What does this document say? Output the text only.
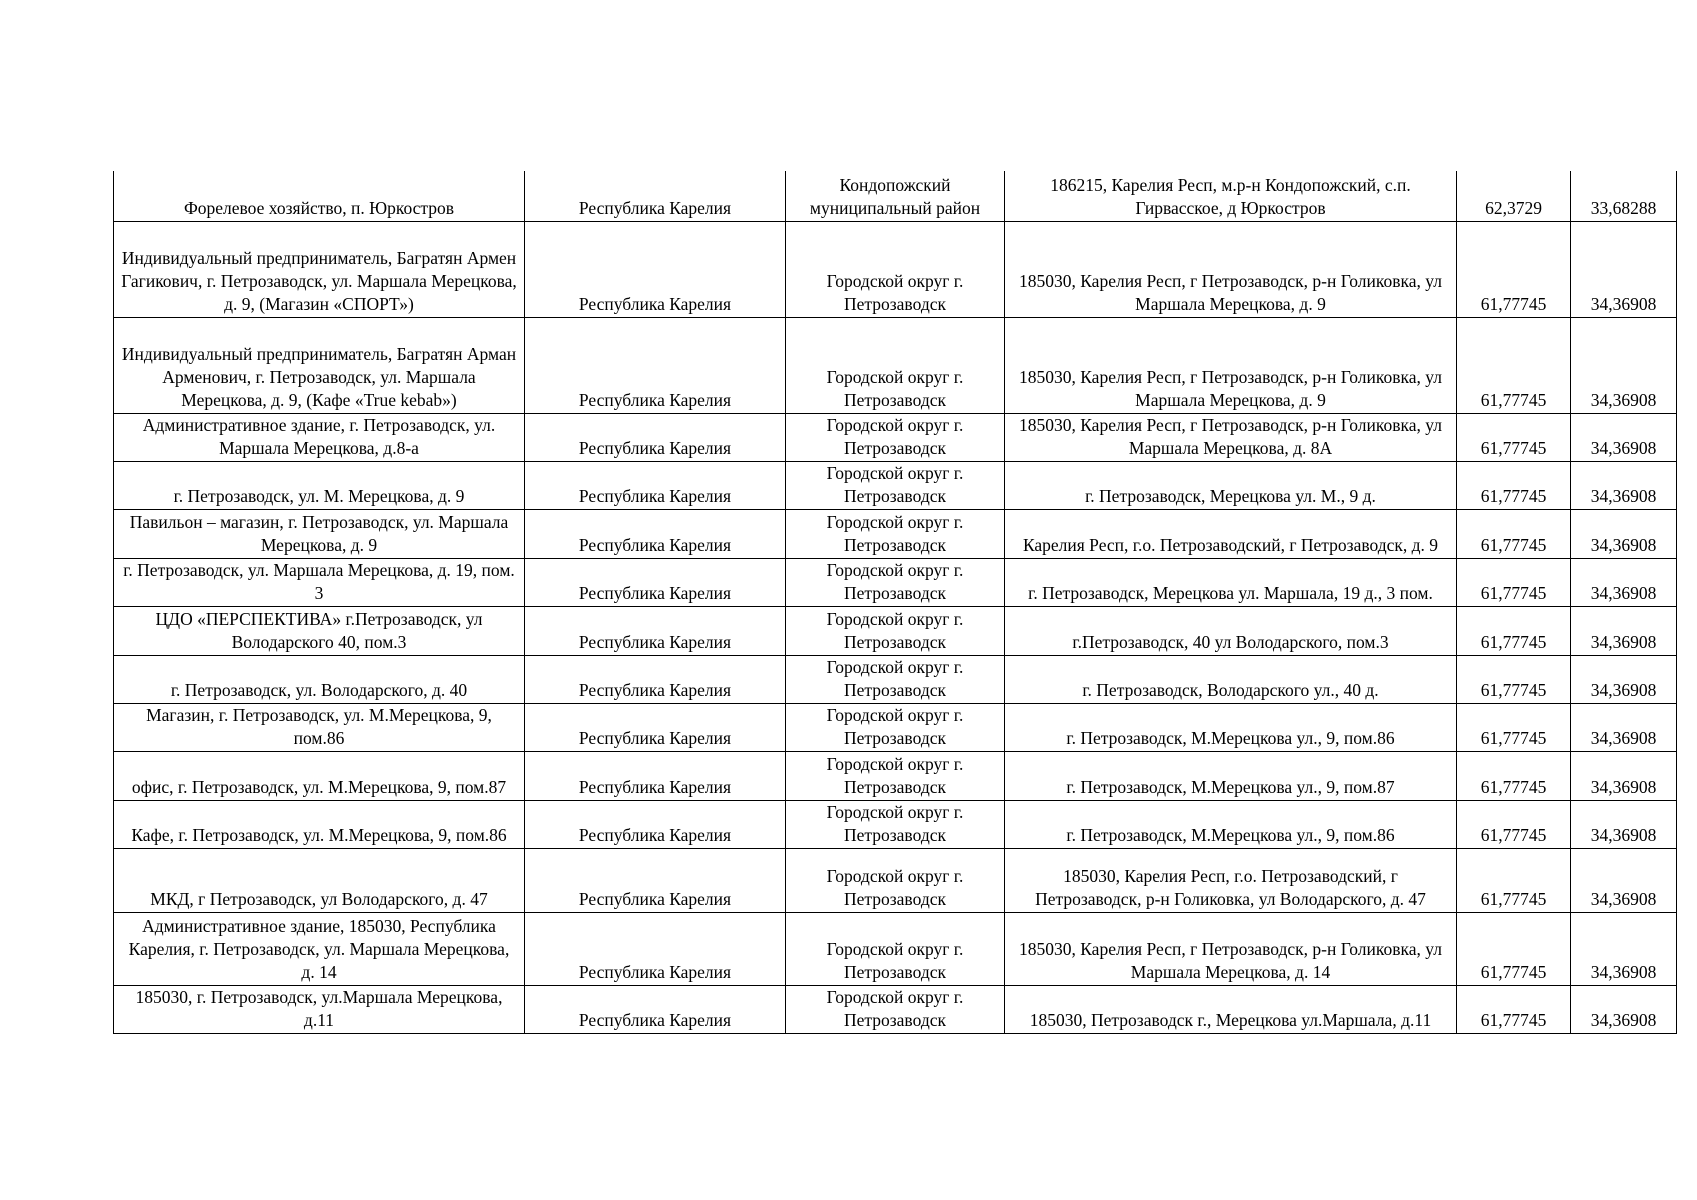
Форелевое хозяйство, п. Юркостров	Республика Карелия	Кондопожский муниципальный район	186215, Карелия Респ, м.р-н Кондопожский, с.п. Гирвасское, д Юркостров	62,3729	33,68288
Индивидуальный предприниматель, Багратян Армен Гагикович, г. Петрозаводск, ул. Маршала Мерецкова, д. 9, (Магазин «СПОРТ»)	Республика Карелия	Городской округ г. Петрозаводск	185030, Карелия Респ, г Петрозаводск, р-н Голиковка, ул Маршала Мерецкова, д. 9	61,77745	34,36908
Индивидуальный предприниматель, Багратян Арман Арменович, г. Петрозаводск, ул. Маршала Мерецкова, д. 9, (Кафе «True kebab»)	Республика Карелия	Городской округ г. Петрозаводск	185030, Карелия Респ, г Петрозаводск, р-н Голиковка, ул Маршала Мерецкова, д. 9	61,77745	34,36908
Административное здание, г. Петрозаводск, ул. Маршала Мерецкова, д.8-а	Республика Карелия	Городской округ г. Петрозаводск	185030, Карелия Респ, г Петрозаводск, р-н Голиковка, ул Маршала Мерецкова, д. 8А	61,77745	34,36908
г. Петрозаводск, ул. М. Мерецкова, д. 9	Республика Карелия	Городской округ г. Петрозаводск	г. Петрозаводск, Мерецкова ул. М., 9 д.	61,77745	34,36908
Павильон – магазин, г. Петрозаводск, ул. Маршала Мерецкова, д. 9	Республика Карелия	Городской округ г. Петрозаводск	Карелия Респ, г.о. Петрозаводский, г Петрозаводск, д. 9	61,77745	34,36908
г. Петрозаводск, ул. Маршала Мерецкова, д. 19, пом. 3	Республика Карелия	Городской округ г. Петрозаводск	г. Петрозаводск, Мерецкова ул. Маршала, 19 д., 3 пом.	61,77745	34,36908
ЦДО «ПЕРСПЕКТИВА» г.Петрозаводск, ул Володарского 40, пом.3	Республика Карелия	Городской округ г. Петрозаводск	г.Петрозаводск, 40 ул Володарского, пом.3	61,77745	34,36908
г. Петрозаводск, ул. Володарского, д. 40	Республика Карелия	Городской округ г. Петрозаводск	г. Петрозаводск, Володарского ул., 40 д.	61,77745	34,36908
Магазин, г. Петрозаводск, ул. М.Мерецкова, 9, пом.86	Республика Карелия	Городской округ г. Петрозаводск	г. Петрозаводск, М.Мерецкова ул., 9, пом.86	61,77745	34,36908
офис, г. Петрозаводск, ул. М.Мерецкова, 9, пом.87	Республика Карелия	Городской округ г. Петрозаводск	г. Петрозаводск, М.Мерецкова ул., 9, пом.87	61,77745	34,36908
Кафе, г. Петрозаводск, ул. М.Мерецкова, 9, пом.86	Республика Карелия	Городской округ г. Петрозаводск	г. Петрозаводск, М.Мерецкова ул., 9, пом.86	61,77745	34,36908
МКД, г Петрозаводск, ул Володарского, д. 47	Республика Карелия	Городской округ г. Петрозаводск	185030, Карелия Респ, г.о. Петрозаводский, г Петрозаводск, р-н Голиковка, ул Володарского, д. 47	61,77745	34,36908
Административное здание, 185030, Республика Карелия, г. Петрозаводск, ул. Маршала Мерецкова, д. 14	Республика Карелия	Городской округ г. Петрозаводск	185030, Карелия Респ, г Петрозаводск, р-н Голиковка, ул Маршала Мерецкова, д. 14	61,77745	34,36908
185030, г. Петрозаводск, ул.Маршала Мерецкова, д.11	Республика Карелия	Городской округ г. Петрозаводск	185030, Петрозаводск г., Мерецкова ул.Маршала, д.11	61,77745	34,36908
